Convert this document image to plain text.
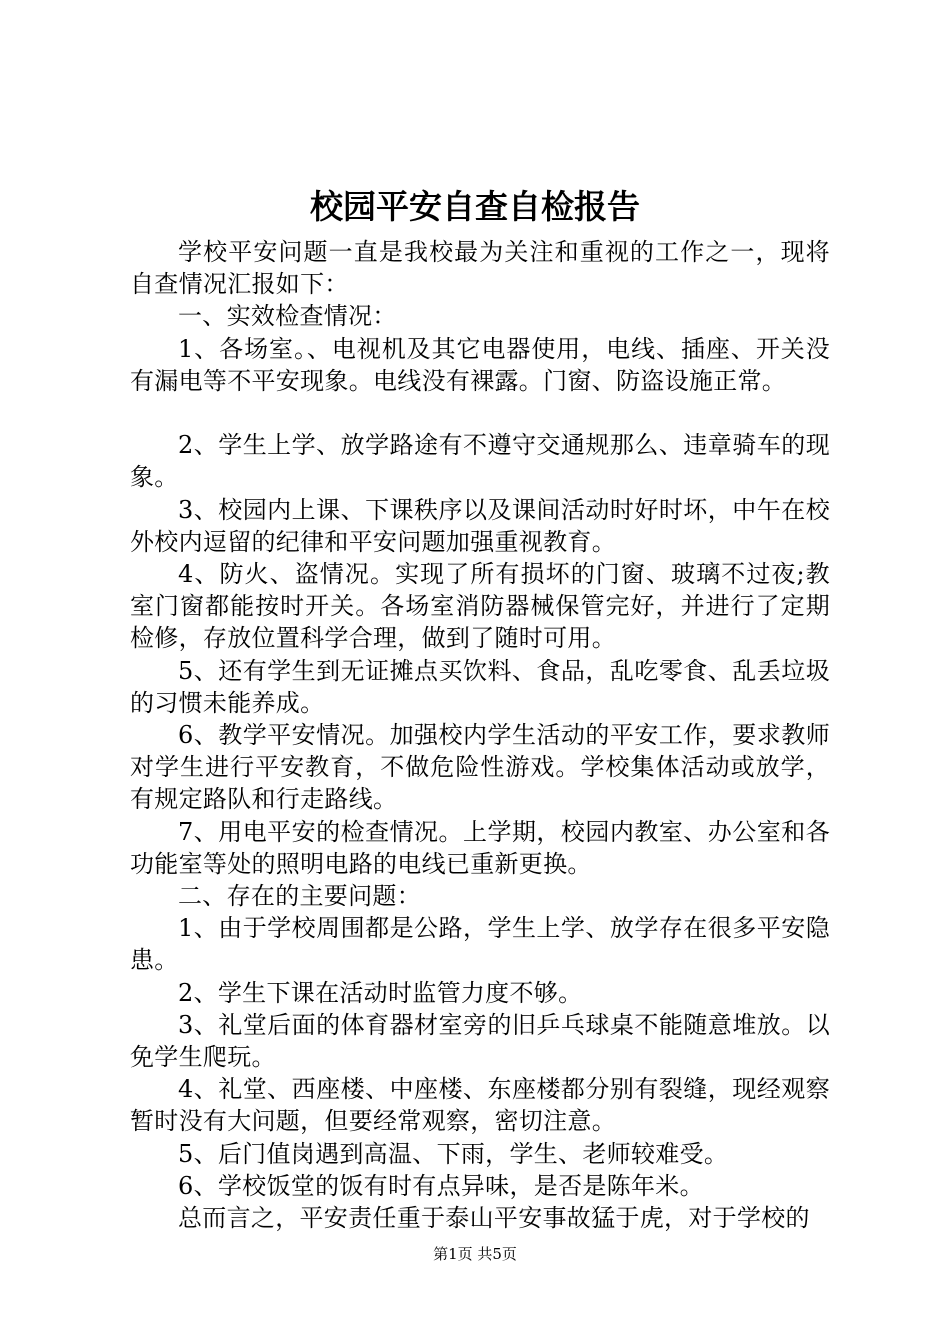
校园平安自查自检报告

学校平安问题一直是我校最为关注和重视的工作之一，现将自查情况汇报如下：

一、实效检查情况：

1、各场室。、电视机及其它电器使用，电线、插座、开关没有漏电等不平安现象。电线没有裸露。门窗、防盗设施正常。

2、学生上学、放学路途有不遵守交通规那么、违章骑车的现象。

3、校园内上课、下课秩序以及课间活动时好时坏，中午在校外校内逗留的纪律和平安问题加强重视教育。

4、防火、盗情况。实现了所有损坏的门窗、玻璃不过夜;教室门窗都能按时开关。各场室消防器械保管完好，并进行了定期检修，存放位置科学合理，做到了随时可用。

5、还有学生到无证摊点买饮料、食品，乱吃零食、乱丢垃圾的习惯未能养成。

6、教学平安情况。加强校内学生活动的平安工作，要求教师对学生进行平安教育，不做危险性游戏。学校集体活动或放学，有规定路队和行走路线。

7、用电平安的检查情况。上学期，校园内教室、办公室和各功能室等处的照明电路的电线已重新更换。

二、存在的主要问题：

1、由于学校周围都是公路，学生上学、放学存在很多平安隐患。

2、学生下课在活动时监管力度不够。

3、礼堂后面的体育器材室旁的旧乒乓球桌不能随意堆放。以免学生爬玩。

4、礼堂、西座楼、中座楼、东座楼都分别有裂缝，现经观察暂时没有大问题，但要经常观察，密切注意。

5、后门值岗遇到高温、下雨，学生、老师较难受。

6、学校饭堂的饭有时有点异味，是否是陈年米。

总而言之，平安责任重于泰山平安事故猛于虎，对于学校的

第1页 共5页
